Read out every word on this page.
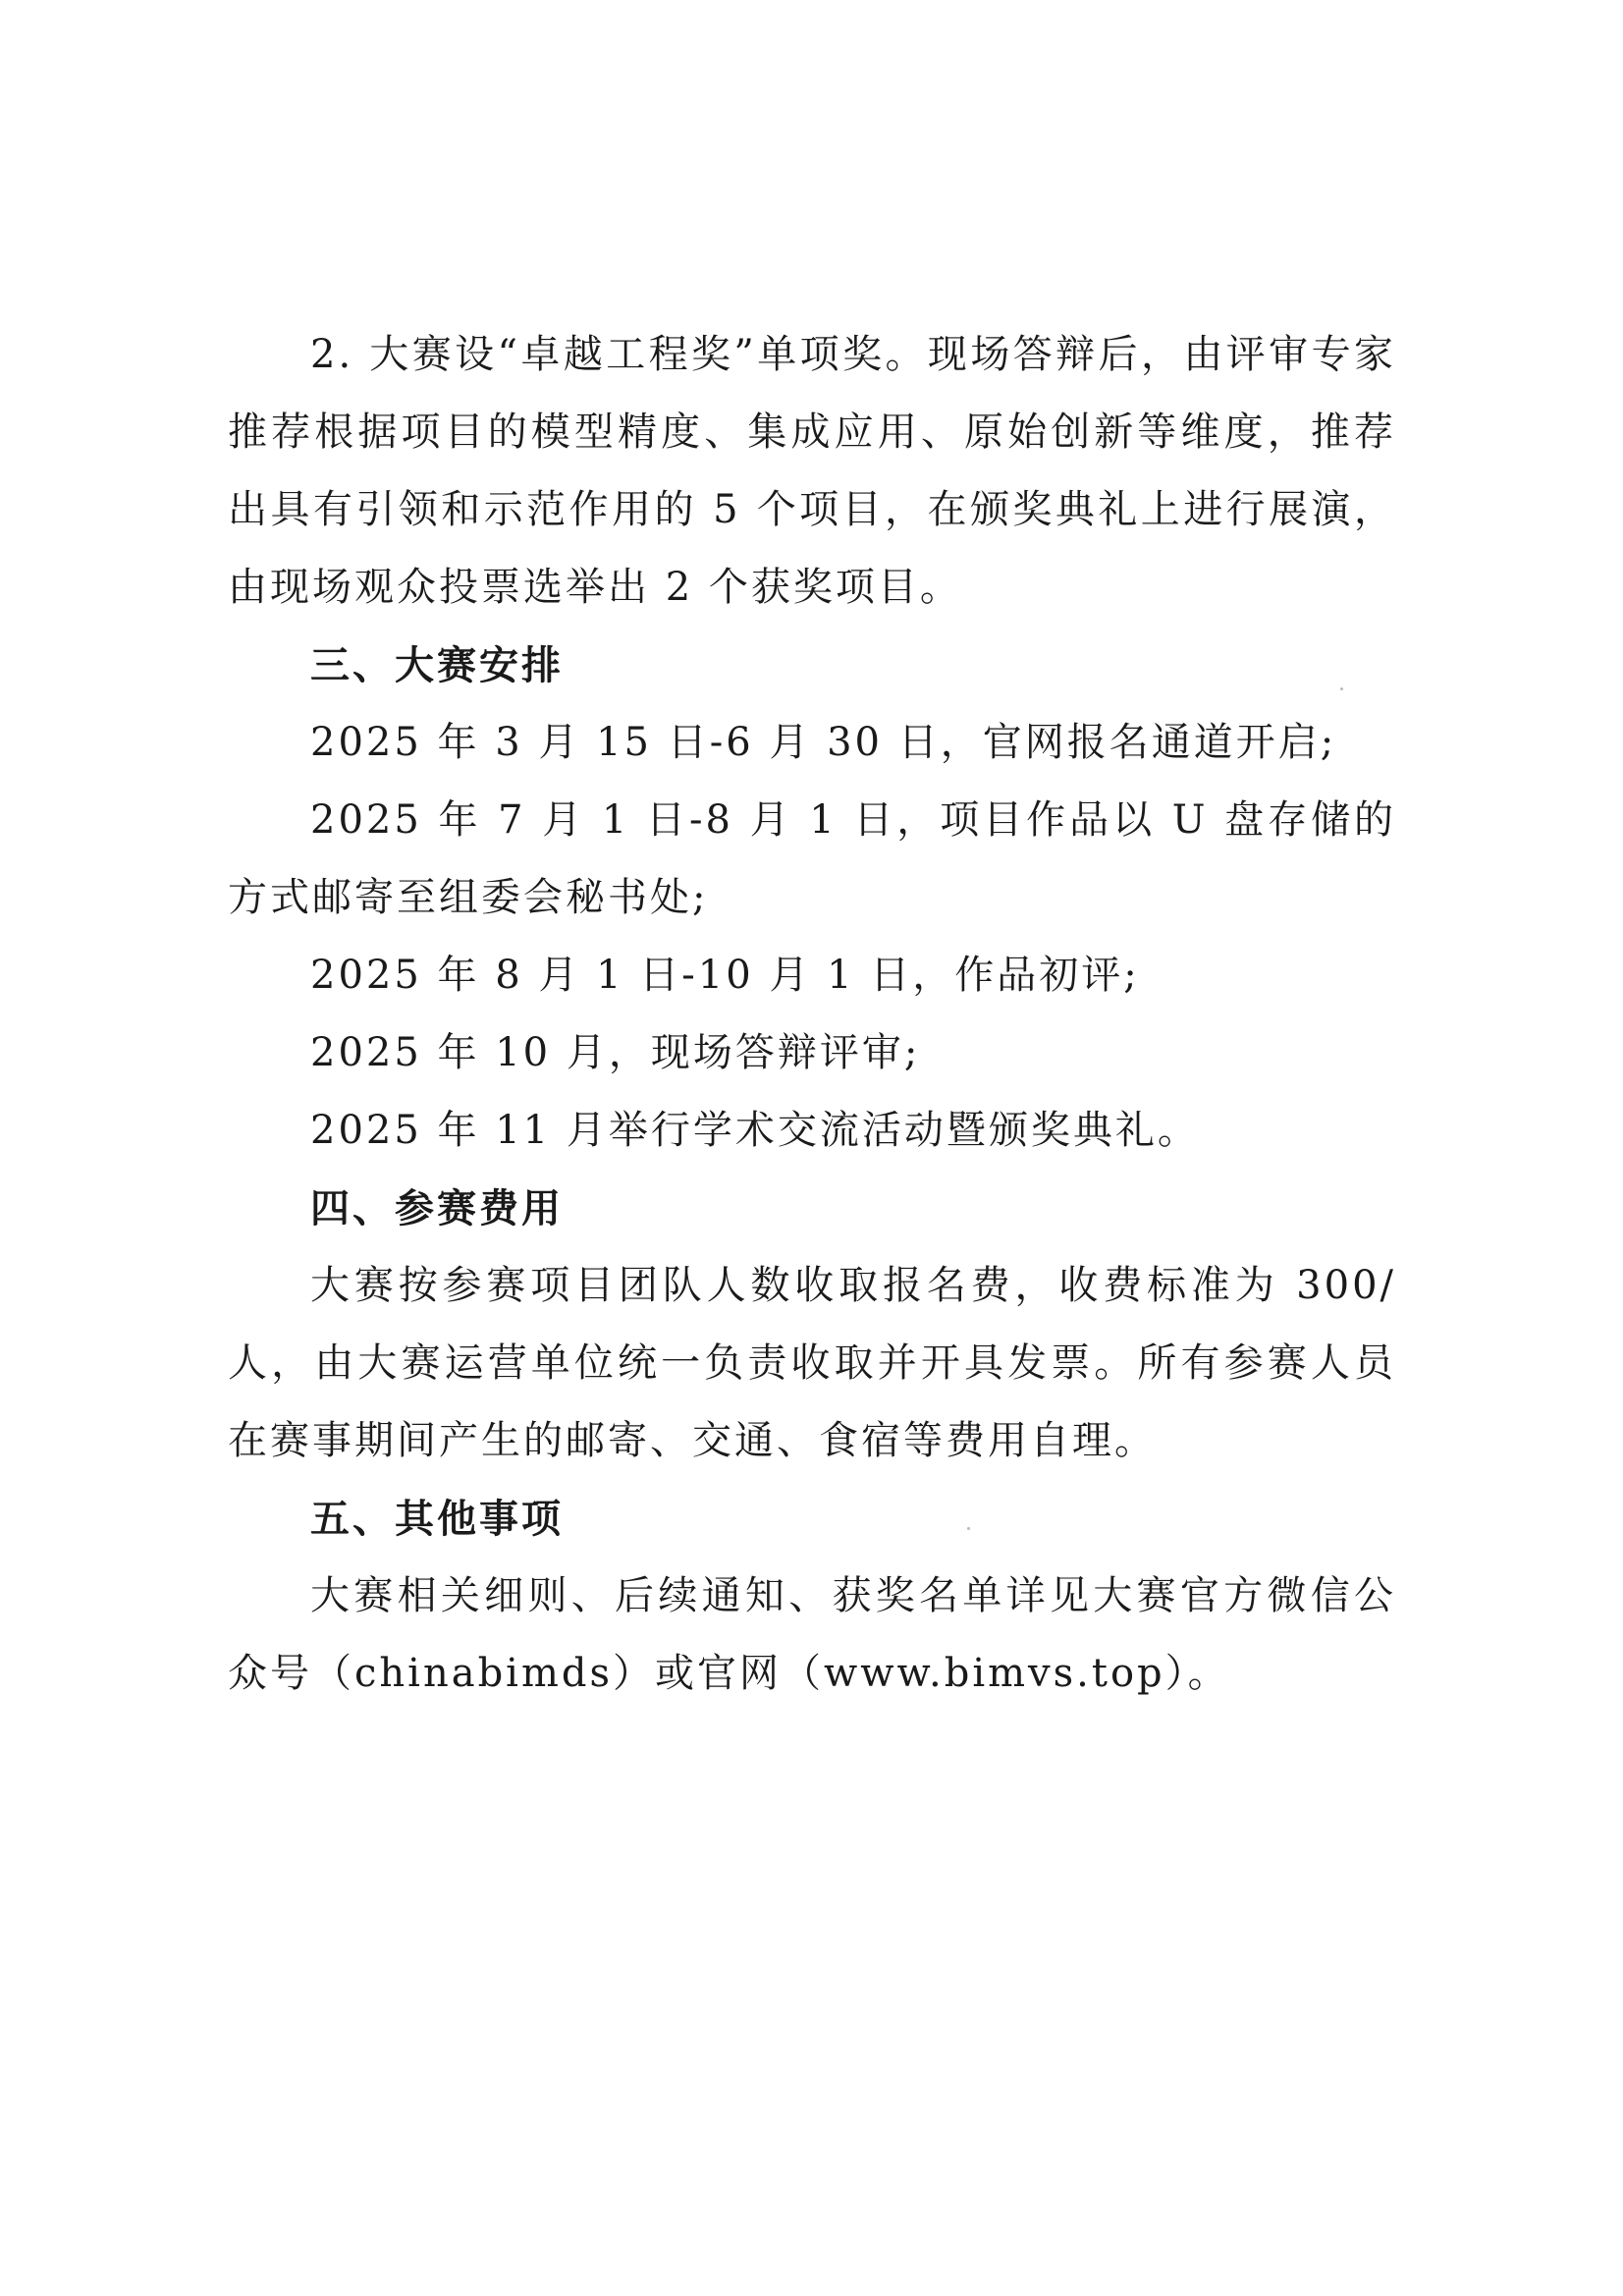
2. 大赛设“卓越工程奖”单项奖。现场答辩后，由评审专家推荐根据项目的模型精度、集成应用、原始创新等维度，推荐出具有引领和示范作用的 5 个项目，在颁奖典礼上进行展演，由现场观众投票选举出 2 个获奖项目。

三、大赛安排

2025 年 3 月 15 日-6 月 30 日，官网报名通道开启;

2025 年 7 月 1 日-8 月 1 日，项目作品以 U 盘存储的方式邮寄至组委会秘书处;

2025 年 8 月 1 日-10 月 1 日，作品初评;

2025 年 10 月，现场答辩评审;

2025 年 11 月举行学术交流活动暨颁奖典礼。

四、参赛费用

大赛按参赛项目团队人数收取报名费，收费标准为 300/人，由大赛运营单位统一负责收取并开具发票。所有参赛人员在赛事期间产生的邮寄、交通、食宿等费用自理。

五、其他事项

大赛相关细则、后续通知、获奖名单详见大赛官方微信公众号（chinabimds）或官网（www.bimvs.top）。
